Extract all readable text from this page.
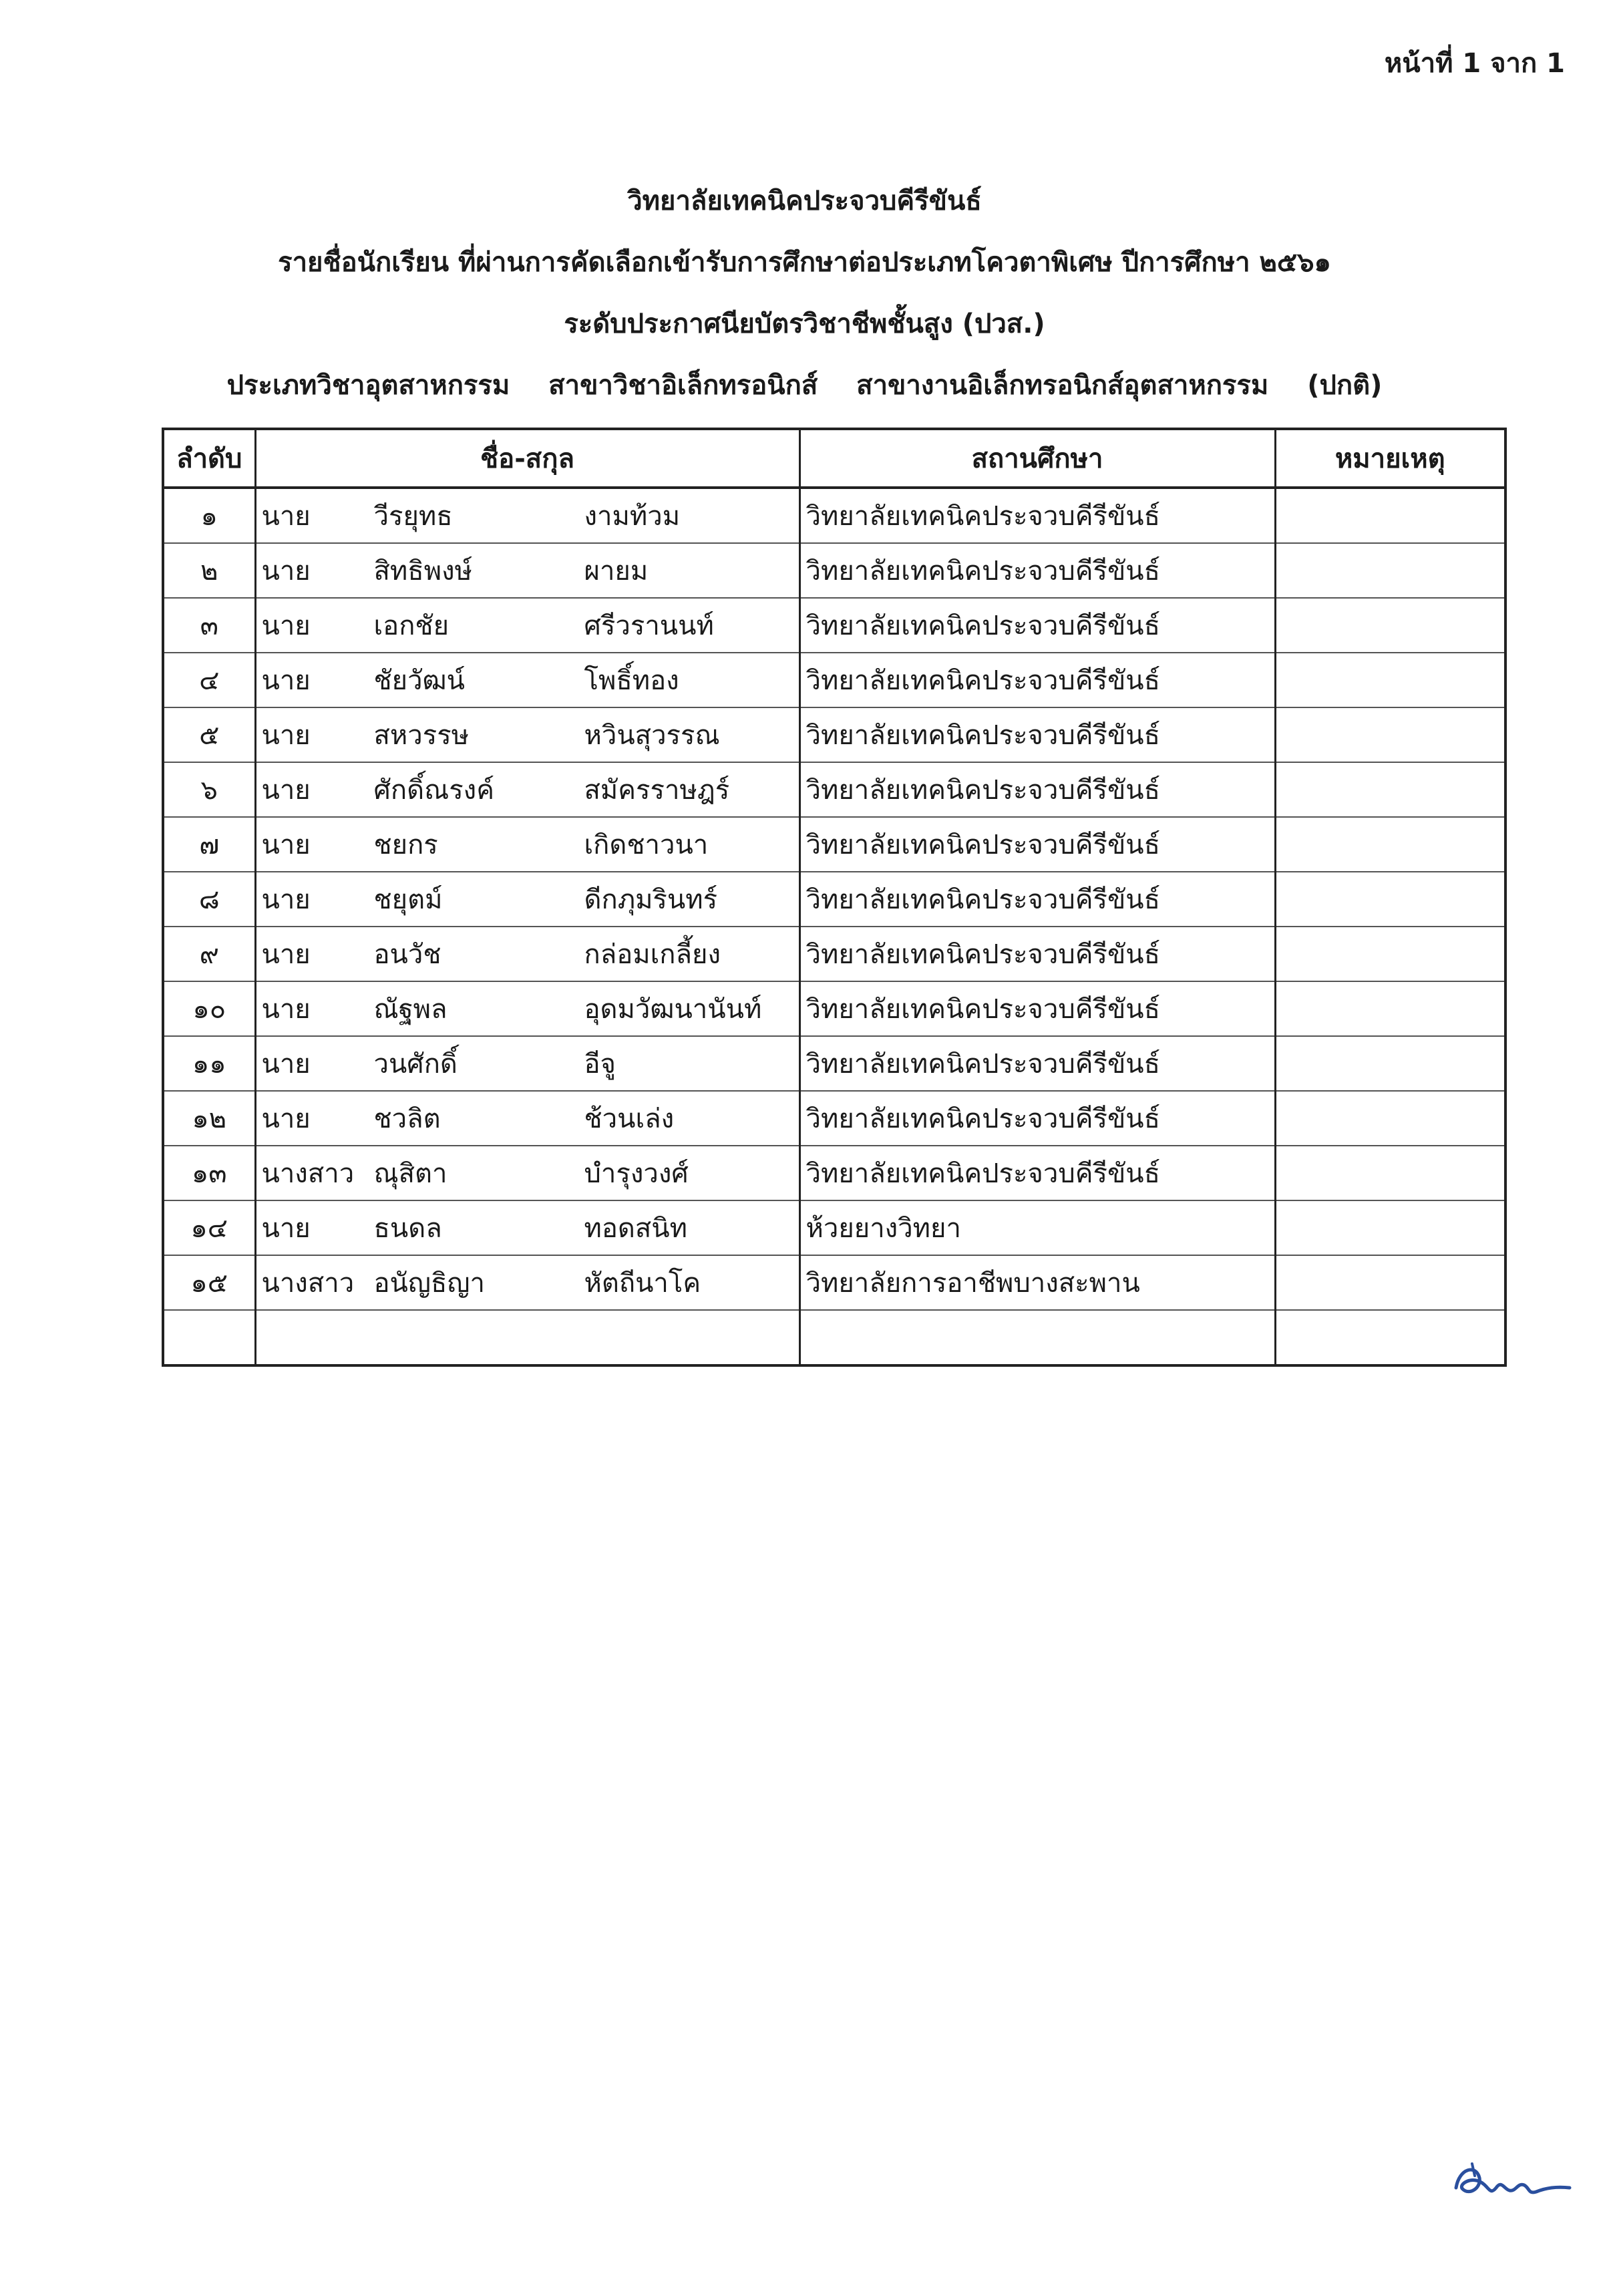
หน้าที่ 1 จาก 1
วิทยาลัยเทคนิคประจวบคีรีขันธ์
รายชื่อนักเรียน ที่ผ่านการคัดเลือกเข้ารับการศึกษาต่อประเภทโควตาพิเศษ ปีการศึกษา ๒๕๖๑
ระดับประกาศนียบัตรวิชาชีพชั้นสูง (ปวส.)
ประเภทวิชาอุตสาหกรรม สาขาวิชาอิเล็กทรอนิกส์ สาขางานอิเล็กทรอนิกส์อุตสาหกรรม (ปกติ)
ลำดับ	ชื่อ-สกุล	สถานศึกษา	หมายเหตุ
๑	นาย วีรยุทธ งามท้วม	วิทยาลัยเทคนิคประจวบคีรีขันธ์	
๒	นาย สิทธิพงษ์ ผายม	วิทยาลัยเทคนิคประจวบคีรีขันธ์	
๓	นาย เอกชัย ศรีวรานนท์	วิทยาลัยเทคนิคประจวบคีรีขันธ์	
๔	นาย ชัยวัฒน์ โพธิ์ทอง	วิทยาลัยเทคนิคประจวบคีรีขันธ์	
๕	นาย สหวรรษ หวินสุวรรณ	วิทยาลัยเทคนิคประจวบคีรีขันธ์	
๖	นาย ศักดิ์ณรงค์ สมัครราษฎร์	วิทยาลัยเทคนิคประจวบคีรีขันธ์	
๗	นาย ชยกร เกิดชาวนา	วิทยาลัยเทคนิคประจวบคีรีขันธ์	
๘	นาย ชยุตม์ ดีกภุมรินทร์	วิทยาลัยเทคนิคประจวบคีรีขันธ์	
๙	นาย อนวัช กล่อมเกลี้ยง	วิทยาลัยเทคนิคประจวบคีรีขันธ์	
๑๐	นาย ณัฐพล อุดมวัฒนานันท์	วิทยาลัยเทคนิคประจวบคีรีขันธ์	
๑๑	นาย วนศักดิ์ อีจู	วิทยาลัยเทคนิคประจวบคีรีขันธ์	
๑๒	นาย ชวลิต ช้วนเล่ง	วิทยาลัยเทคนิคประจวบคีรีขันธ์	
๑๓	นางสาว ณุสิตา บำรุงวงศ์	วิทยาลัยเทคนิคประจวบคีรีขันธ์	
๑๔	นาย ธนดล ทอดสนิท	ห้วยยางวิทยา	
๑๕	นางสาว อนัญธิญา หัตถีนาโค	วิทยาลัยการอาชีพบางสะพาน	
